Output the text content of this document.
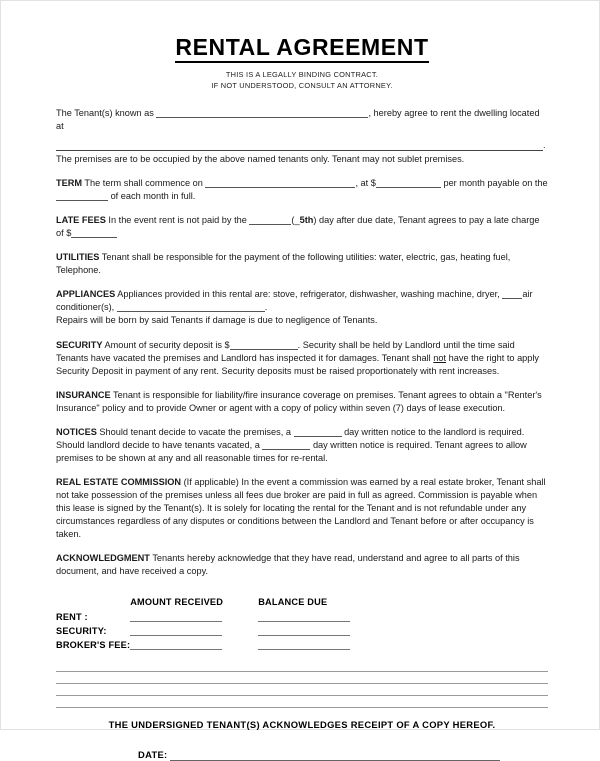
RENTAL AGREEMENT
THIS IS A LEGALLY BINDING CONTRACT.
IF NOT UNDERSTOOD, CONSULT AN ATTORNEY.
The Tenant(s) known as	, hereby agree to rent the dwelling located at
.
The premises are to be occupied by the above named tenants only. Tenant may not sublet premises.
TERM The term shall commence on	, at $	per month payable on the  of each month in full.
LATE FEES In the event rent is not paid by the	(_5th) day after due date, Tenant agrees to pay a late charge of $
UTILITIES Tenant shall be responsible for the payment of the following utilities: water, electric, gas, heating fuel, Telephone.
APPLIANCES Appliances provided in this rental are: stove, refrigerator, dishwasher, washing machine, dryer, air conditioner(s),	.
Repairs will be born by said Tenants if damage is due to negligence of Tenants.
SECURITY Amount of security deposit is $	. Security shall be held by Landlord until the time said Tenants have vacated the premises and Landlord has inspected it for damages. Tenant shall not have the right to apply Security Deposit in payment of any rent. Security deposits must be raised proportionately with rent increases.
INSURANCE Tenant is responsible for liability/fire insurance coverage on premises. Tenant agrees to obtain a "Renter's Insurance" policy and to provide Owner or agent with a copy of policy within seven (7) days of lease execution.
NOTICES Should tenant decide to vacate the premises, a	day written notice to the landlord is required. Should landlord decide to have tenants vacated, a	day written notice is required. Tenant agrees to allow premises to be shown at any and all reasonable times for re-rental.
REAL ESTATE COMMISSION (If applicable) In the event a commission was earned by a real estate broker, Tenant shall not take possession of the premises unless all fees due broker are paid in full as agreed. Commission is payable when this lease is signed by the Tenant(s). It is solely for locating the rental for the Tenant and is not refundable under any circumstances regardless of any disputes or conditions between the Landlord and Tenant before or after occupancy is taken.
ACKNOWLEDGMENT Tenants hereby acknowledge that they have read, understand and agree to all parts of this document, and have received a copy.
	AMOUNT RECEIVED	BALANCE DUE
RENT :	

SECURITY:	

BROKER'S FEE:	

THE UNDERSIGNED TENANT(S) ACKNOWLEDGES RECEIPT OF A COPY HEREOF.
DATE:
